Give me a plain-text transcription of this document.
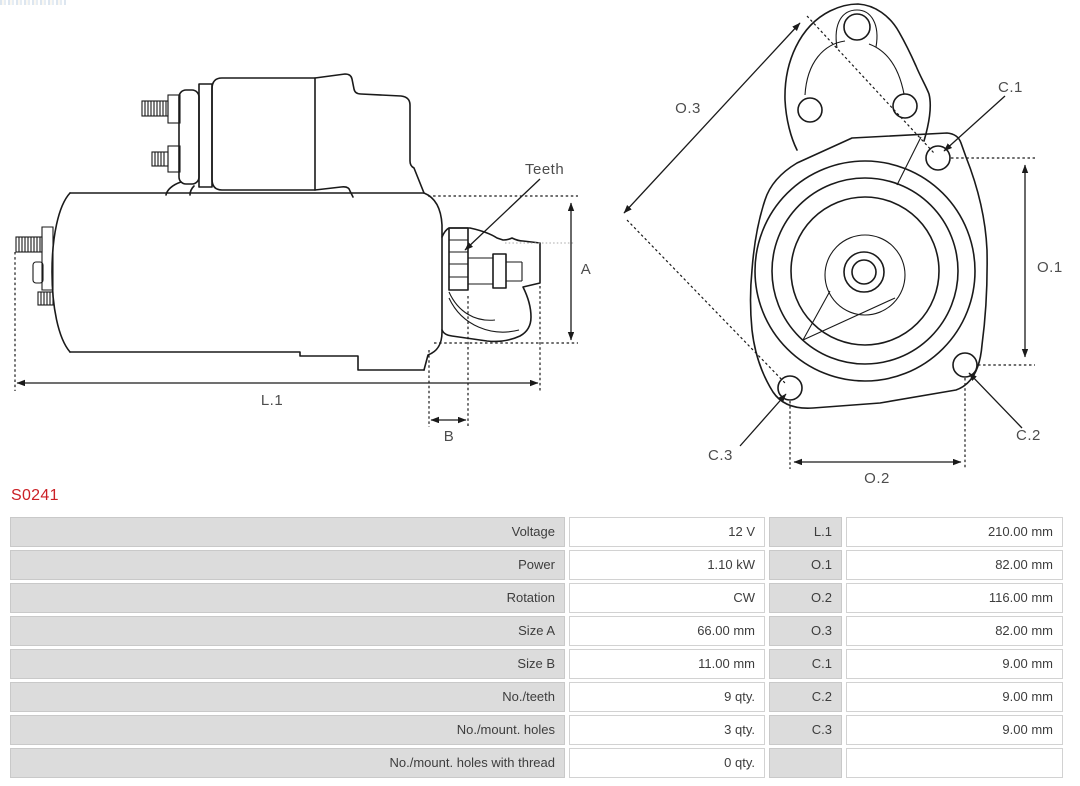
A
Teeth
L.1
B
O.3
C.1
O.1
C.2
C.3
O.2
S0241
Voltage	12 V	L.1	210.00 mm
Power	1.10 kW	O.1	82.00 mm
Rotation	CW	O.2	116.00 mm
Size A	66.00 mm	O.3	82.00 mm
Size B	11.00 mm	C.1	9.00 mm
No./teeth	9 qty.	C.2	9.00 mm
No./mount. holes	3 qty.	C.3	9.00 mm
No./mount. holes with thread	0 qty.
